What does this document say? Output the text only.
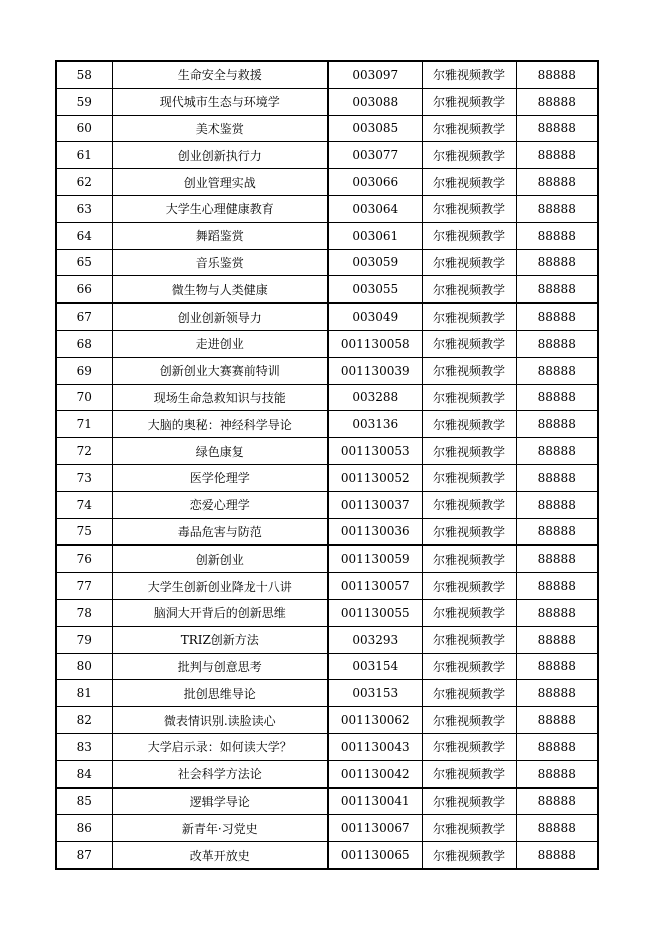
58	生命安全与救援	003097	尔雅视频教学	88888
59	现代城市生态与环境学	003088	尔雅视频教学	88888
60	美术鉴赏	003085	尔雅视频教学	88888
61	创业创新执行力	003077	尔雅视频教学	88888
62	创业管理实战	003066	尔雅视频教学	88888
63	大学生心理健康教育	003064	尔雅视频教学	88888
64	舞蹈鉴赏	003061	尔雅视频教学	88888
65	音乐鉴赏	003059	尔雅视频教学	88888
66	微生物与人类健康	003055	尔雅视频教学	88888
67	创业创新领导力	003049	尔雅视频教学	88888
68	走进创业	001130058	尔雅视频教学	88888
69	创新创业大赛赛前特训	001130039	尔雅视频教学	88888
70	现场生命急救知识与技能	003288	尔雅视频教学	88888
71	大脑的奥秘：神经科学导论	003136	尔雅视频教学	88888
72	绿色康复	001130053	尔雅视频教学	88888
73	医学伦理学	001130052	尔雅视频教学	88888
74	恋爱心理学	001130037	尔雅视频教学	88888
75	毒品危害与防范	001130036	尔雅视频教学	88888
76	创新创业	001130059	尔雅视频教学	88888
77	大学生创新创业降龙十八讲	001130057	尔雅视频教学	88888
78	脑洞大开背后的创新思维	001130055	尔雅视频教学	88888
79	TRIZ创新方法	003293	尔雅视频教学	88888
80	批判与创意思考	003154	尔雅视频教学	88888
81	批创思维导论	003153	尔雅视频教学	88888
82	微表情识别.读脸读心	001130062	尔雅视频教学	88888
83	大学启示录：如何读大学？	001130043	尔雅视频教学	88888
84	社会科学方法论	001130042	尔雅视频教学	88888
85	逻辑学导论	001130041	尔雅视频教学	88888
86	新青年·习党史	001130067	尔雅视频教学	88888
87	改革开放史	001130065	尔雅视频教学	88888
